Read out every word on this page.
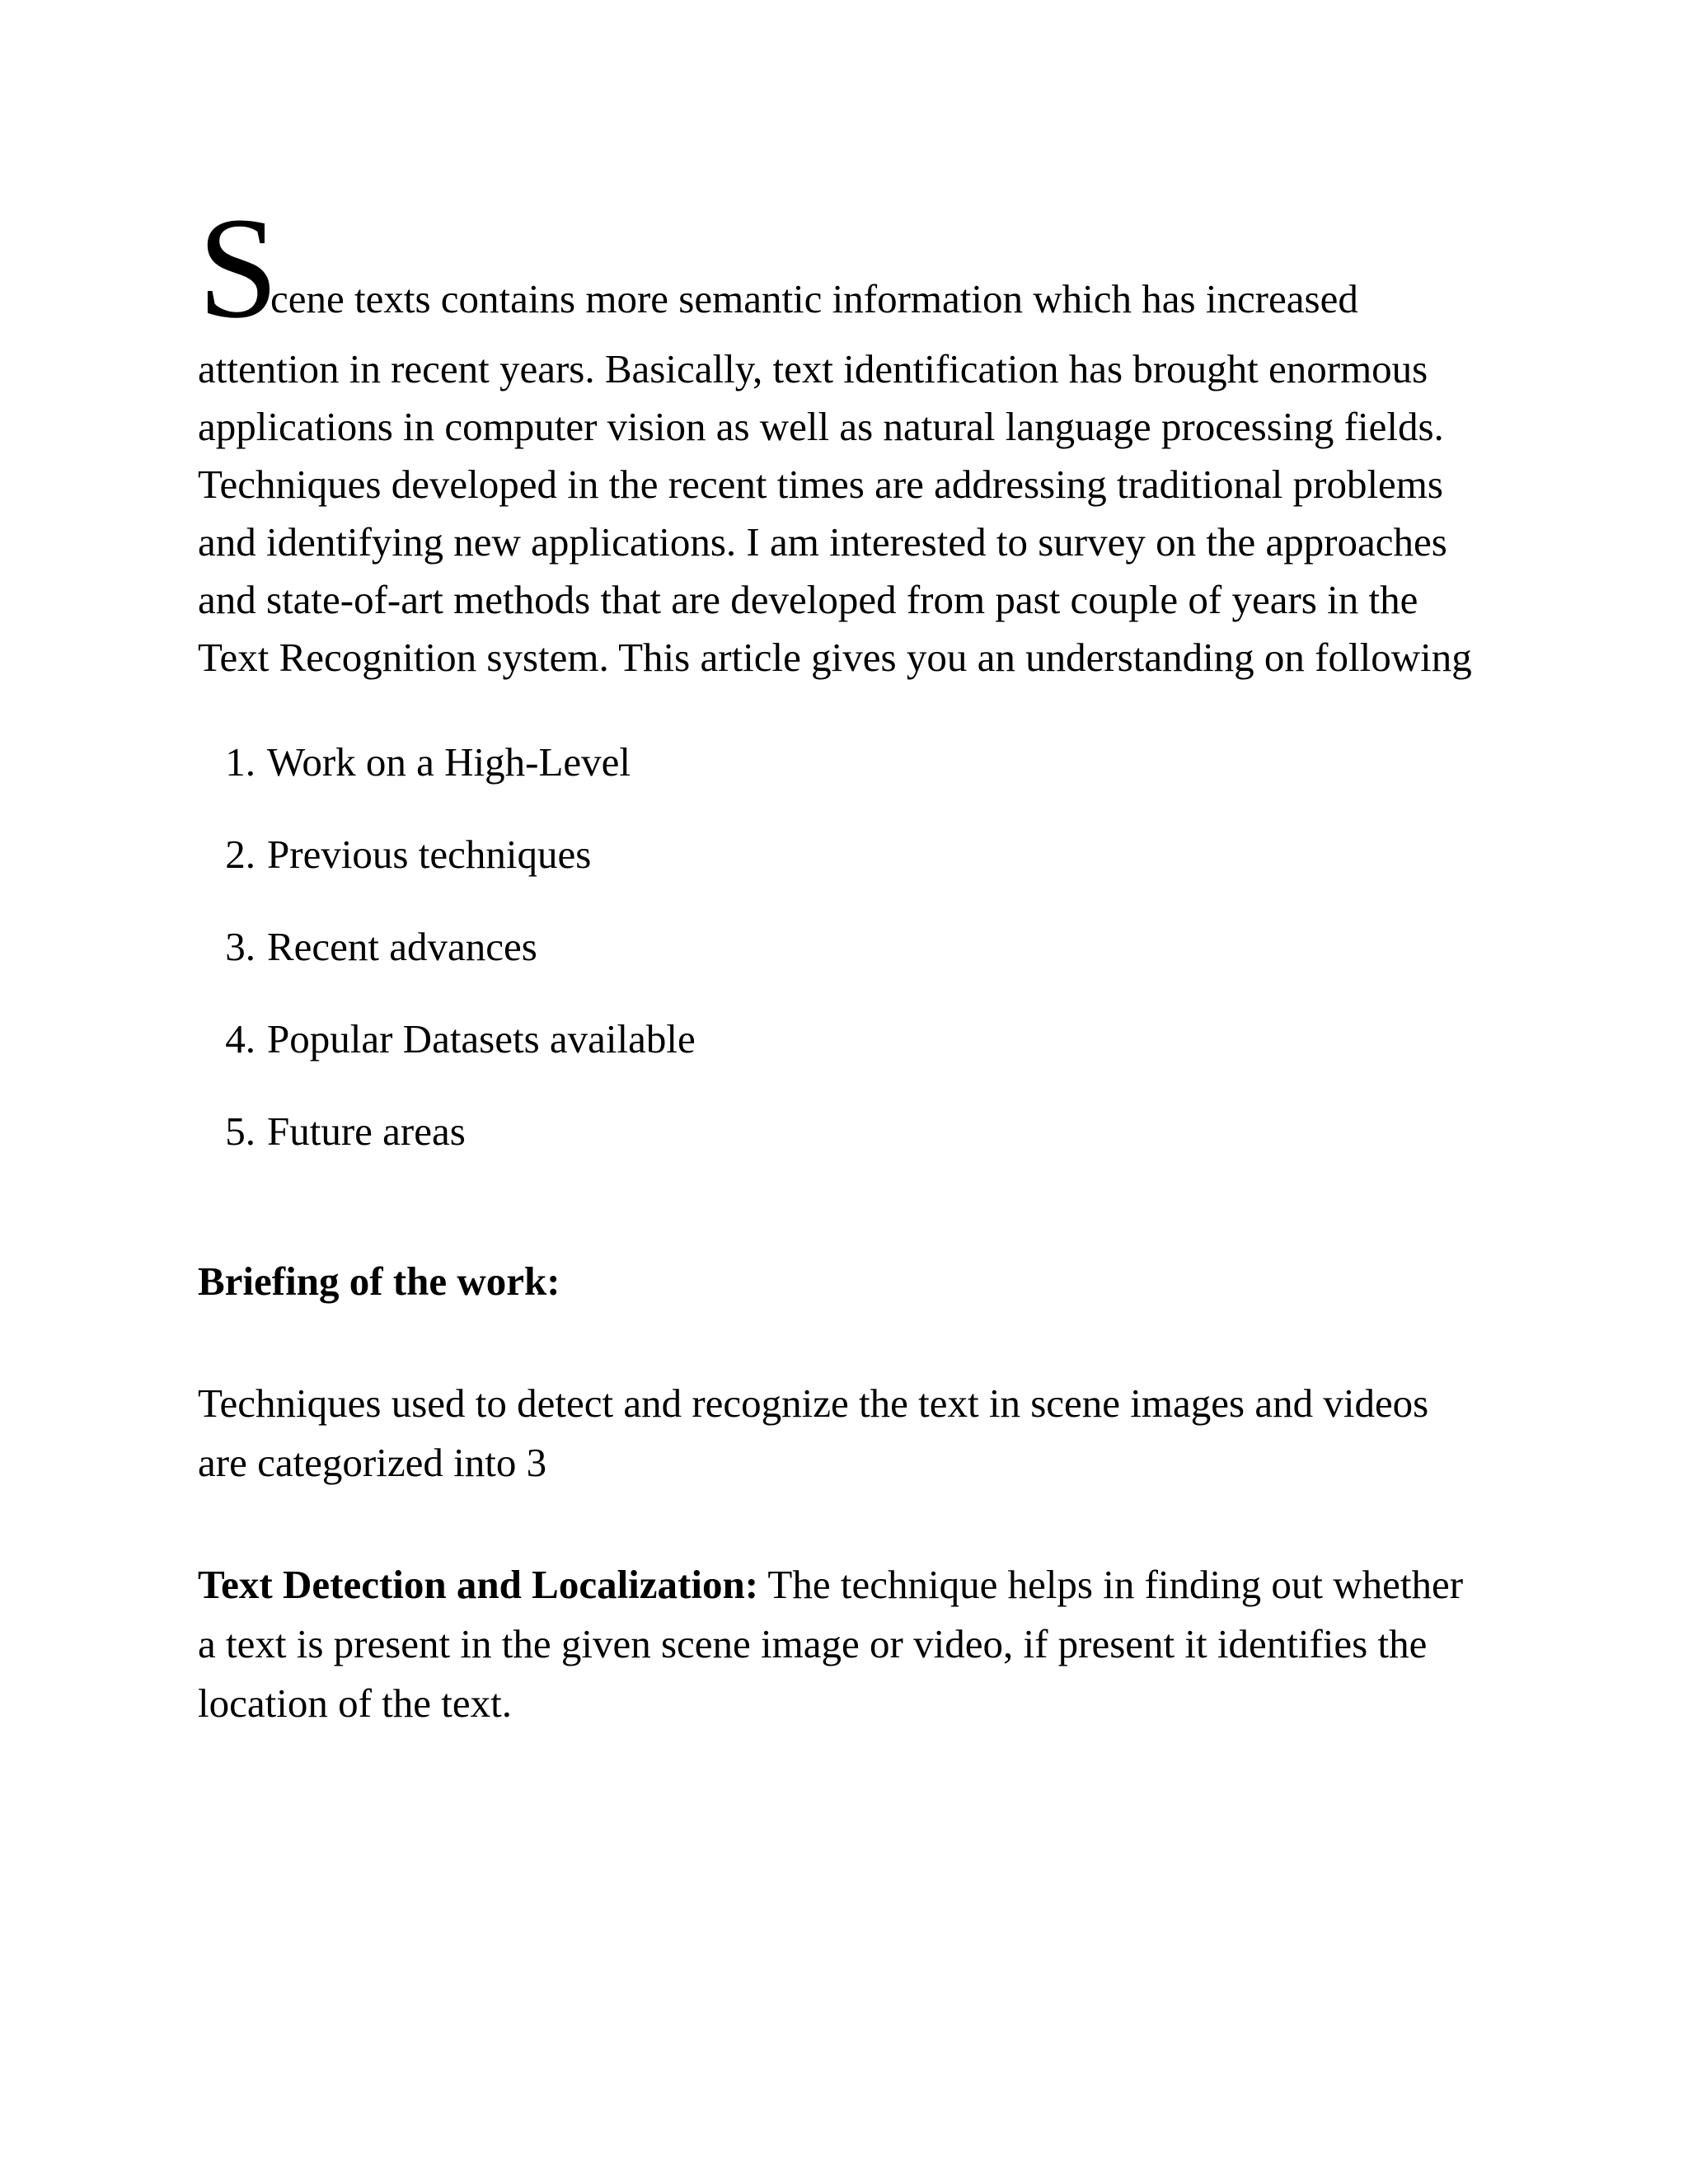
S
cene texts contains more semantic information which has increased

attention in recent years. Basically, text identification has brought enormous applications in computer vision as well as natural language processing fields. Techniques developed in the recent times are addressing traditional problems and identifying new applications. I am interested to survey on the approaches and state-of-art methods that are developed from past couple of years in the Text Recognition system. This article gives you an understanding on following

1. Work on a High-Level
2. Previous techniques
3. Recent advances
4. Popular Datasets available
5. Future areas
Briefing of the work:

Techniques used to detect and recognize the text in scene images and videos are categorized into 3

Text Detection and Localization: The technique helps in finding out whether a text is present in the given scene image or video, if present it identifies the location of the text.
